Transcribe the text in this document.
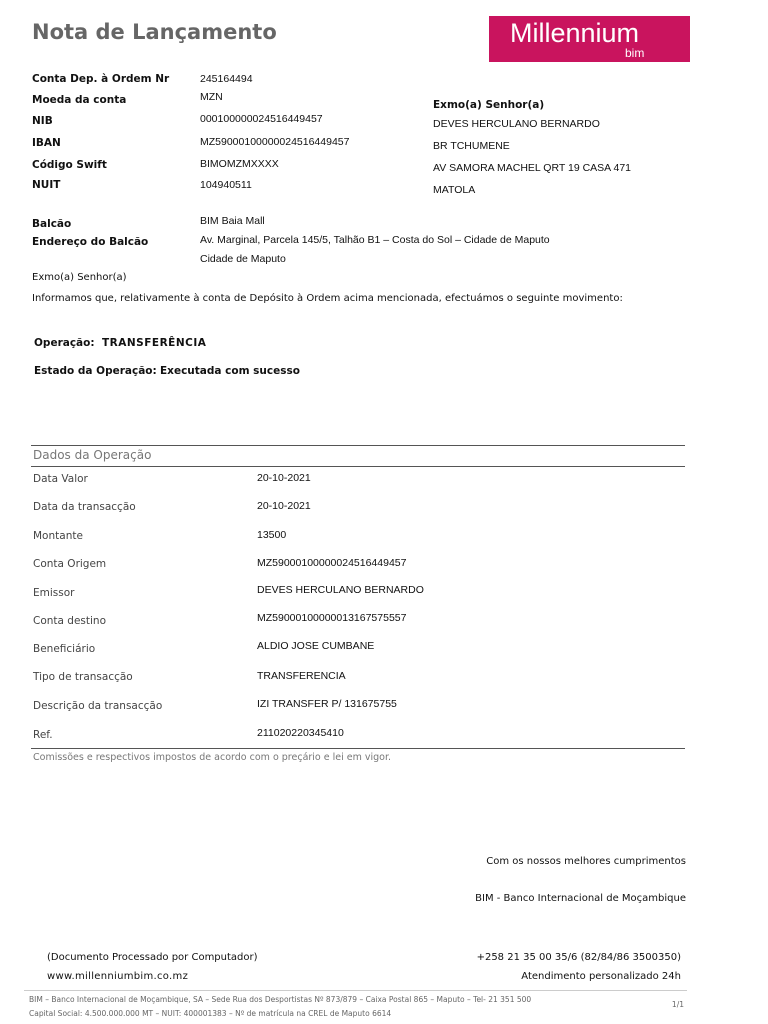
Nota de Lançamento	Millennium
bim
Conta Dep. à Ordem Nr	245164494
Moeda da conta	MZN
NIB	000100000024516449457
IBAN	MZ59000100000024516449457
Código Swift	BIMOMZMXXXX
NUIT	104940511
Exmo(a) Senhor(a)
DEVES HERCULANO BERNARDO
BR TCHUMENE
AV SAMORA MACHEL QRT 19 CASA 471
MATOLA
Balcão	BIM Baia Mall
Endereço do Balcão	Av. Marginal, Parcela 145/5, Talhão B1 – Costa do Sol – Cidade de Maputo
Cidade de Maputo
Exmo(a) Senhor(a)
Informamos que, relativamente à conta de Depósito à Ordem acima mencionada, efectuámos o seguinte movimento:
Operação: TRANSFERÊNCIA
Estado da Operação: Executada com sucesso
Dados da Operação
Data Valor	20-10-2021
Data da transacção	20-10-2021
Montante	13500
Conta Origem	MZ59000100000024516449457
Emissor	DEVES HERCULANO BERNARDO
Conta destino	MZ59000100000013167575557
Beneficiário	ALDIO JOSE CUMBANE
Tipo de transacção	TRANSFERENCIA
Descrição da transacção	IZI TRANSFER P/ 131675755
Ref.	211020220345410
Comissões e respectivos impostos de acordo com o preçário e lei em vigor.
Com os nossos melhores cumprimentos
BIM - Banco Internacional de Moçambique
(Documento Processado por Computador)	+258 21 35 00 35/6 (82/84/86 3500350)
www.millenniumbim.co.mz	Atendimento personalizado 24h
BIM – Banco Internacional de Moçambique, SA – Sede Rua dos Desportistas Nº 873/879 – Caixa Postal 865 – Maputo – Tel- 21 351 500
Capital Social: 4.500.000.000 MT – NUIT: 400001383 – Nº de matrícula na CREL de Maputo 6614
1/1
